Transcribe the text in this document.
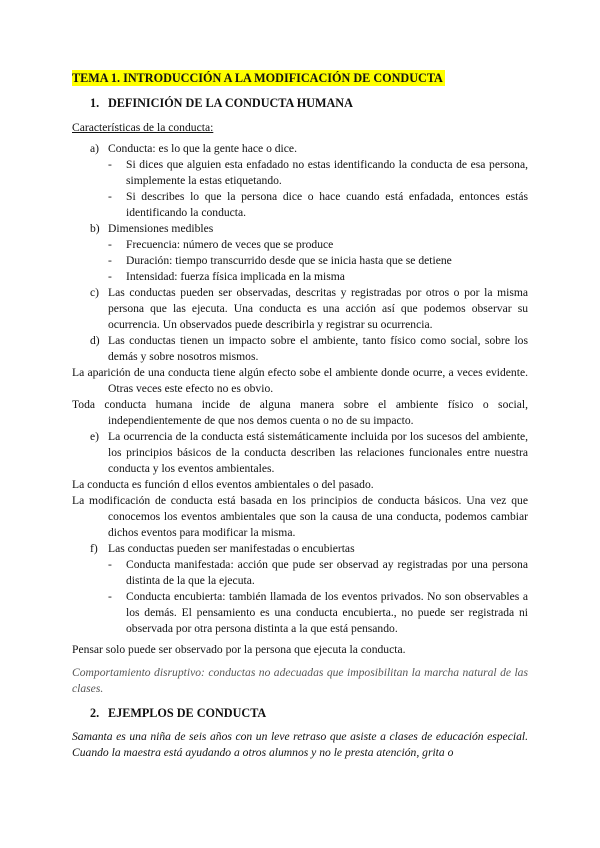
TEMA 1. INTRODUCCIÓN A LA MODIFICACIÓN DE CONDUCTA
1. DEFINICIÓN DE LA CONDUCTA HUMANA
Características de la conducta:
a) Conducta: es lo que la gente hace o dice.
- Si dices que alguien esta enfadado no estas identificando la conducta de esa persona, simplemente la estas etiquetando.
- Si describes lo que la persona dice o hace cuando está enfadada, entonces estás identificando la conducta.
b) Dimensiones medibles
- Frecuencia: número de veces que se produce
- Duración: tiempo transcurrido desde que se inicia hasta que se detiene
- Intensidad: fuerza física implicada en la misma
c) Las conductas pueden ser observadas, descritas y registradas por otros o por la misma persona que las ejecuta. Una conducta es una acción así que podemos observar su ocurrencia. Un observados puede describirla y registrar su ocurrencia.
d) Las conductas tienen un impacto sobre el ambiente, tanto físico como social, sobre los demás y sobre nosotros mismos.
La aparición de una conducta tiene algún efecto sobe el ambiente donde ocurre, a veces evidente. Otras veces este efecto no es obvio.
Toda conducta humana incide de alguna manera sobre el ambiente físico o social, independientemente de que nos demos cuenta o no de su impacto.
e) La ocurrencia de la conducta está sistemáticamente incluida por los sucesos del ambiente, los principios básicos de la conducta describen las relaciones funcionales entre nuestra conducta y los eventos ambientales.
La conducta es función d ellos eventos ambientales o del pasado.
La modificación de conducta está basada en los principios de conducta básicos. Una vez que conocemos los eventos ambientales que son la causa de una conducta, podemos cambiar dichos eventos para modificar la misma.
f) Las conductas pueden ser manifestadas o encubiertas
- Conducta manifestada: acción que pude ser observad ay registradas por una persona distinta de la que la ejecuta.
- Conducta encubierta: también llamada de los eventos privados. No son observables a los demás. El pensamiento es una conducta encubierta., no puede ser registrada ni observada por otra persona distinta a la que está pensando.
Pensar solo puede ser observado por la persona que ejecuta la conducta.
Comportamiento disruptivo: conductas no adecuadas que imposibilitan la marcha natural de las clases.
2. EJEMPLOS DE CONDUCTA
Samanta es una niña de seis años con un leve retraso que asiste a clases de educación especial. Cuando la maestra está ayudando a otros alumnos y no le presta atención, grita o
